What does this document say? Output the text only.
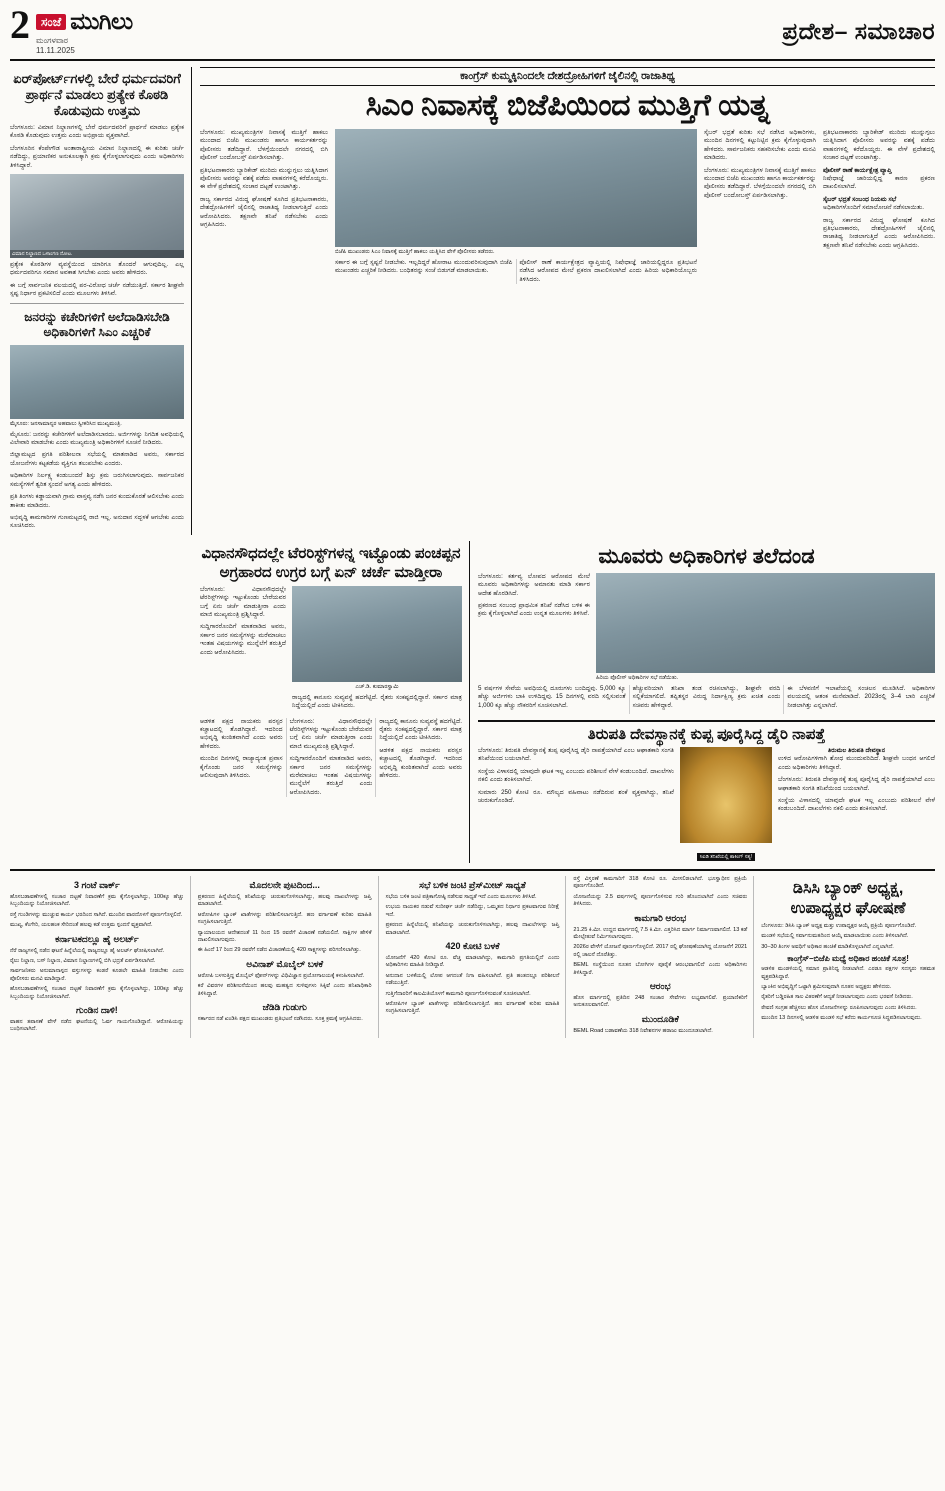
2 ಸಂಜೆ ಮುಗಿಲು
ಮಂಗಳವಾರ
11.11.2025
ಪ್ರದೇಶ– ಸಮಾಚಾರ
ಏರ್‌ಪೋರ್ಟ್‌ಗಳಲ್ಲಿ ಬೇರೆ ಧರ್ಮದವರಿಗೆ ಪ್ರಾರ್ಥನೆ ಮಾಡಲು ಪ್ರತ್ಯೇಕ ಕೊಠಡಿ ಕೊಡುವುದು ಉತ್ತಮ

ಬೆಂಗಳೂರು: ವಿಮಾನ ನಿಲ್ದಾಣಗಳಲ್ಲಿ ಬೇರೆ ಧರ್ಮದವರಿಗೆ ಪ್ರಾರ್ಥನೆ ಮಾಡಲು ಪ್ರತ್ಯೇಕ ಕೊಠಡಿ ಕೊಡುವುದು ಉತ್ತಮ ಎಂದು ಅಭಿಪ್ರಾಯ ವ್ಯಕ್ತವಾಗಿದೆ.

ಬೆಂಗಳೂರಿನ ಕೆಂಪೇಗೌಡ ಅಂತಾರಾಷ್ಟ್ರೀಯ ವಿಮಾನ ನಿಲ್ದಾಣದಲ್ಲಿ ಈ ಕುರಿತು ಚರ್ಚೆ ನಡೆದಿದ್ದು, ಪ್ರಯಾಣಿಕರ ಅನುಕೂಲಕ್ಕಾಗಿ ಕ್ರಮ ಕೈಗೊಳ್ಳಲಾಗುವುದು ಎಂದು ಅಧಿಕಾರಿಗಳು ತಿಳಿಸಿದ್ದಾರೆ.

ವಿಮಾನ ನಿಲ್ದಾಣದ ಒಳಾಂಗಣ ನೋಟ.

ಪ್ರತ್ಯೇಕ ಕೊಠಡಿಗಳ ವ್ಯವಸ್ಥೆಯಿಂದ ಯಾರಿಗೂ ತೊಂದರೆ ಆಗುವುದಿಲ್ಲ. ಎಲ್ಲ ಧರ್ಮದವರಿಗೂ ಸಮಾನ ಅವಕಾಶ ಸಿಗಬೇಕು ಎಂದು ಅವರು ಹೇಳಿದರು.

ಈ ಬಗ್ಗೆ ಸಾರ್ವಜನಿಕ ವಲಯದಲ್ಲಿ ಪರ-ವಿರೋಧ ಚರ್ಚೆ ನಡೆಯುತ್ತಿದೆ. ಸರ್ಕಾರ ಶೀಘ್ರವೇ ಸ್ಪಷ್ಟ ನಿರ್ಧಾರ ಪ್ರಕಟಿಸಲಿದೆ ಎಂದು ಮೂಲಗಳು ತಿಳಿಸಿವೆ.

ಜನರನ್ನು ಕಚೇರಿಗಳಿಗೆ ಅಲೆದಾಡಿಸಬೇಡಿ ಅಧಿಕಾರಿಗಳಿಗೆ ಸಿಎಂ ಎಚ್ಚರಿಕೆ
ಮೈಸೂರು: ಜನಸಾಮಾನ್ಯರ ಅಹವಾಲು ಸ್ವೀಕರಿಸಿದ ಮುಖ್ಯಮಂತ್ರಿ.

ಮೈಸೂರು: ಜನರನ್ನು ಕಚೇರಿಗಳಿಗೆ ಅಲೆದಾಡಿಸಬಾರದು. ಅರ್ಜಿಗಳನ್ನು ನಿಗದಿತ ಅವಧಿಯಲ್ಲಿ ವಿಲೇವಾರಿ ಮಾಡಬೇಕು ಎಂದು ಮುಖ್ಯಮಂತ್ರಿ ಅಧಿಕಾರಿಗಳಿಗೆ ಸೂಚನೆ ನೀಡಿದರು.

ಜಿಲ್ಲಾಮಟ್ಟದ ಪ್ರಗತಿ ಪರಿಶೀಲನಾ ಸಭೆಯಲ್ಲಿ ಮಾತನಾಡಿದ ಅವರು, ಸರ್ಕಾರದ ಯೋಜನೆಗಳು ಕಟ್ಟಕಡೆಯ ವ್ಯಕ್ತಿಗೂ ತಲುಪಬೇಕು ಎಂದರು.

ಅಧಿಕಾರಿಗಳ ನಿರ್ಲಕ್ಷ್ಯ ಕಂಡುಬಂದರೆ ಶಿಸ್ತು ಕ್ರಮ ಜರುಗಿಸಲಾಗುವುದು. ಸಾರ್ವಜನಿಕರ ಸಮಸ್ಯೆಗಳಿಗೆ ತ್ವರಿತ ಸ್ಪಂದನೆ ಅಗತ್ಯ ಎಂದು ಹೇಳಿದರು.

ಪ್ರತಿ ತಿಂಗಳು ಕಡ್ಡಾಯವಾಗಿ ಗ್ರಾಮ ವಾಸ್ತವ್ಯ ನಡೆಸಿ ಜನರ ಕುಂದುಕೊರತೆ ಆಲಿಸಬೇಕು ಎಂದು ತಾಕೀತು ಮಾಡಿದರು.

ಅಭಿವೃದ್ಧಿ ಕಾಮಗಾರಿಗಳ ಗುಣಮಟ್ಟದಲ್ಲಿ ರಾಜಿ ಇಲ್ಲ. ಅನುದಾನ ಸದ್ಬಳಕೆ ಆಗಬೇಕು ಎಂದು ಸೂಚಿಸಿದರು.

ಕಾಂಗ್ರೆಸ್ ಕುಮ್ಮಕ್ಕಿನಿಂದಲೇ ದೇಶದ್ರೋಹಿಗಳಿಗೆ ಜೈಲಿನಲ್ಲಿ ರಾಜಾತಿಥ್ಯ
ಸಿಎಂ ನಿವಾಸಕ್ಕೆ ಬಿಜೆಪಿಯಿಂದ ಮುತ್ತಿಗೆ ಯತ್ನ

ಬೆಂಗಳೂರು: ಮುಖ್ಯಮಂತ್ರಿಗಳ ನಿವಾಸಕ್ಕೆ ಮುತ್ತಿಗೆ ಹಾಕಲು ಮುಂದಾದ ಬಿಜೆಪಿ ಮುಖಂಡರು ಹಾಗೂ ಕಾರ್ಯಕರ್ತರನ್ನು ಪೊಲೀಸರು ತಡೆದಿದ್ದಾರೆ. ಬೆಳಗ್ಗೆಯಿಂದಲೇ ನಗರದಲ್ಲಿ ಬಿಗಿ ಪೊಲೀಸ್ ಬಂದೋಬಸ್ತ್ ಏರ್ಪಡಿಸಲಾಗಿತ್ತು.

ಪ್ರತಿಭಟನಾಕಾರರು ಬ್ಯಾರಿಕೇಡ್ ಮುರಿದು ಮುನ್ನುಗ್ಗಲು ಯತ್ನಿಸಿದಾಗ ಪೊಲೀಸರು ಅವರನ್ನು ವಶಕ್ಕೆ ಪಡೆದು ವಾಹನಗಳಲ್ಲಿ ಕರೆದೊಯ್ದರು. ಈ ವೇಳೆ ಪ್ರದೇಶದಲ್ಲಿ ಸಂಚಾರ ದಟ್ಟಣೆ ಉಂಟಾಗಿತ್ತು.

ರಾಜ್ಯ ಸರ್ಕಾರದ ವಿರುದ್ಧ ಘೋಷಣೆ ಕೂಗಿದ ಪ್ರತಿಭಟನಾಕಾರರು, ದೇಶದ್ರೋಹಿಗಳಿಗೆ ಜೈಲಿನಲ್ಲಿ ರಾಜಾತಿಥ್ಯ ನೀಡಲಾಗುತ್ತಿದೆ ಎಂದು ಆರೋಪಿಸಿದರು. ತಕ್ಷಣವೇ ತನಿಖೆ ನಡೆಸಬೇಕು ಎಂದು ಆಗ್ರಹಿಸಿದರು.

ಬಿಜೆಪಿ ಮುಖಂಡರು ಸಿಎಂ ನಿವಾಸಕ್ಕೆ ಮುತ್ತಿಗೆ ಹಾಕಲು ಯತ್ನಿಸಿದ ವೇಳೆ ಪೊಲೀಸರು ತಡೆದರು.

ಸರ್ಕಾರ ಈ ಬಗ್ಗೆ ಸ್ಪಷ್ಟನೆ ನೀಡಬೇಕು. ಇಲ್ಲದಿದ್ದರೆ ಹೋರಾಟ ಮುಂದುವರಿಸುವುದಾಗಿ ಬಿಜೆಪಿ ಮುಖಂಡರು ಎಚ್ಚರಿಕೆ ನೀಡಿದರು. ಬಂಧಿತರನ್ನು ಸಂಜೆ ಬಿಡುಗಡೆ ಮಾಡಲಾಯಿತು.

ಪೊಲೀಸ್ ಠಾಣೆ ಕಾರ್ಯಕ್ಷೇತ್ರದ ವ್ಯಾಪ್ತಿಯಲ್ಲಿ ನಿಷೇಧಾಜ್ಞೆ ಜಾರಿಯಲ್ಲಿದ್ದರೂ ಪ್ರತಿಭಟನೆ ನಡೆಸಿದ ಆರೋಪದ ಮೇಲೆ ಪ್ರಕರಣ ದಾಖಲಿಸಲಾಗಿದೆ ಎಂದು ಹಿರಿಯ ಅಧಿಕಾರಿಯೊಬ್ಬರು ತಿಳಿಸಿದರು.

ಸೈಬರ್ ಭದ್ರತೆ ಕುರಿತು ಸಭೆ ನಡೆಸಿದ ಅಧಿಕಾರಿಗಳು, ಮುಂದಿನ ದಿನಗಳಲ್ಲಿ ಕಟ್ಟುನಿಟ್ಟಿನ ಕ್ರಮ ಕೈಗೊಳ್ಳುವುದಾಗಿ ಹೇಳಿದರು. ಸಾರ್ವಜನಿಕರು ಸಹಕರಿಸಬೇಕು ಎಂದು ಮನವಿ ಮಾಡಿದರು.

ಬೆಂಗಳೂರು: ಮುಖ್ಯಮಂತ್ರಿಗಳ ನಿವಾಸಕ್ಕೆ ಮುತ್ತಿಗೆ ಹಾಕಲು ಮುಂದಾದ ಬಿಜೆಪಿ ಮುಖಂಡರು ಹಾಗೂ ಕಾರ್ಯಕರ್ತರನ್ನು ಪೊಲೀಸರು ತಡೆದಿದ್ದಾರೆ. ಬೆಳಗ್ಗೆಯಿಂದಲೇ ನಗರದಲ್ಲಿ ಬಿಗಿ ಪೊಲೀಸ್ ಬಂದೋಬಸ್ತ್ ಏರ್ಪಡಿಸಲಾಗಿತ್ತು.

ಪ್ರತಿಭಟನಾಕಾರರು ಬ್ಯಾರಿಕೇಡ್ ಮುರಿದು ಮುನ್ನುಗ್ಗಲು ಯತ್ನಿಸಿದಾಗ ಪೊಲೀಸರು ಅವರನ್ನು ವಶಕ್ಕೆ ಪಡೆದು ವಾಹನಗಳಲ್ಲಿ ಕರೆದೊಯ್ದರು. ಈ ವೇಳೆ ಪ್ರದೇಶದಲ್ಲಿ ಸಂಚಾರ ದಟ್ಟಣೆ ಉಂಟಾಗಿತ್ತು.

ಪೊಲೀಸ್ ಠಾಣೆ ಕಾರ್ಯಕ್ಷೇತ್ರ ವ್ಯಾಪ್ತಿ

ನಿಷೇಧಾಜ್ಞೆ ಜಾರಿಯಲ್ಲಿದ್ದ ಕಾರಣ ಪ್ರಕರಣ ದಾಖಲಿಸಲಾಗಿದೆ.

ಸೈಬರ್ ಭದ್ರತೆ ಸಂಬಂಧ ನಿಯಮ ಸಭೆ

ಅಧಿಕಾರಿಗಳೊಂದಿಗೆ ಸಮಾಲೋಚನೆ ನಡೆಸಲಾಯಿತು.

ರಾಜ್ಯ ಸರ್ಕಾರದ ವಿರುದ್ಧ ಘೋಷಣೆ ಕೂಗಿದ ಪ್ರತಿಭಟನಾಕಾರರು, ದೇಶದ್ರೋಹಿಗಳಿಗೆ ಜೈಲಿನಲ್ಲಿ ರಾಜಾತಿಥ್ಯ ನೀಡಲಾಗುತ್ತಿದೆ ಎಂದು ಆರೋಪಿಸಿದರು. ತಕ್ಷಣವೇ ತನಿಖೆ ನಡೆಸಬೇಕು ಎಂದು ಆಗ್ರಹಿಸಿದರು.

ವಿಧಾನಸೌಧದಲ್ಲೇ ಟೆರರಿಸ್ಟ್‌ಗಳನ್ನ ಇಟ್ಟೊಂಡು ಪಂಚಪ್ಪನ ಅಗ್ರಹಾರದ ಉಗ್ರರ ಬಗ್ಗೆ ಏನ್ ಚರ್ಚೆ ಮಾಡ್ತೀರಾ

ಬೆಂಗಳೂರು: ವಿಧಾನಸೌಧದಲ್ಲೇ ಟೆರರಿಸ್ಟ್‌ಗಳನ್ನು ಇಟ್ಟುಕೊಂಡು ಬೇರೆಯವರ ಬಗ್ಗೆ ಏನು ಚರ್ಚೆ ಮಾಡುತ್ತೀರಾ ಎಂದು ಮಾಜಿ ಮುಖ್ಯಮಂತ್ರಿ ಪ್ರಶ್ನಿಸಿದ್ದಾರೆ.

ಸುದ್ದಿಗಾರರೊಂದಿಗೆ ಮಾತನಾಡಿದ ಅವರು, ಸರ್ಕಾರ ಜನರ ಸಮಸ್ಯೆಗಳನ್ನು ಮರೆಮಾಚಲು ಇಂತಹ ವಿಷಯಗಳನ್ನು ಮುನ್ನೆಲೆಗೆ ತರುತ್ತಿದೆ ಎಂದು ಆರೋಪಿಸಿದರು.

ಎಚ್.ಡಿ. ಕುಮಾರಸ್ವಾಮಿ

ರಾಜ್ಯದಲ್ಲಿ ಕಾನೂನು ಸುವ್ಯವಸ್ಥೆ ಹದಗೆಟ್ಟಿದೆ. ರೈತರು ಸಂಕಷ್ಟದಲ್ಲಿದ್ದಾರೆ. ಸರ್ಕಾರ ಮಾತ್ರ ನಿದ್ದೆಯಲ್ಲಿದೆ ಎಂದು ಟೀಕಿಸಿದರು.

ಆಡಳಿತ ಪಕ್ಷದ ನಾಯಕರು ಪರಸ್ಪರ ಕಚ್ಚಾಟದಲ್ಲಿ ತೊಡಗಿದ್ದಾರೆ. ಇದರಿಂದ ಅಭಿವೃದ್ಧಿ ಕುಂಠಿತವಾಗಿದೆ ಎಂದು ಅವರು ಹೇಳಿದರು.

ಮುಂದಿನ ದಿನಗಳಲ್ಲಿ ರಾಜ್ಯಾದ್ಯಂತ ಪ್ರವಾಸ ಕೈಗೊಂಡು ಜನರ ಸಮಸ್ಯೆಗಳನ್ನು ಆಲಿಸುವುದಾಗಿ ತಿಳಿಸಿದರು.

ಬೆಂಗಳೂರು: ವಿಧಾನಸೌಧದಲ್ಲೇ ಟೆರರಿಸ್ಟ್‌ಗಳನ್ನು ಇಟ್ಟುಕೊಂಡು ಬೇರೆಯವರ ಬಗ್ಗೆ ಏನು ಚರ್ಚೆ ಮಾಡುತ್ತೀರಾ ಎಂದು ಮಾಜಿ ಮುಖ್ಯಮಂತ್ರಿ ಪ್ರಶ್ನಿಸಿದ್ದಾರೆ.

ಸುದ್ದಿಗಾರರೊಂದಿಗೆ ಮಾತನಾಡಿದ ಅವರು, ಸರ್ಕಾರ ಜನರ ಸಮಸ್ಯೆಗಳನ್ನು ಮರೆಮಾಚಲು ಇಂತಹ ವಿಷಯಗಳನ್ನು ಮುನ್ನೆಲೆಗೆ ತರುತ್ತಿದೆ ಎಂದು ಆರೋಪಿಸಿದರು.

ರಾಜ್ಯದಲ್ಲಿ ಕಾನೂನು ಸುವ್ಯವಸ್ಥೆ ಹದಗೆಟ್ಟಿದೆ. ರೈತರು ಸಂಕಷ್ಟದಲ್ಲಿದ್ದಾರೆ. ಸರ್ಕಾರ ಮಾತ್ರ ನಿದ್ದೆಯಲ್ಲಿದೆ ಎಂದು ಟೀಕಿಸಿದರು.

ಆಡಳಿತ ಪಕ್ಷದ ನಾಯಕರು ಪರಸ್ಪರ ಕಚ್ಚಾಟದಲ್ಲಿ ತೊಡಗಿದ್ದಾರೆ. ಇದರಿಂದ ಅಭಿವೃದ್ಧಿ ಕುಂಠಿತವಾಗಿದೆ ಎಂದು ಅವರು ಹೇಳಿದರು.

ಮೂವರು ಅಧಿಕಾರಿಗಳ ತಲೆದಂಡ

ಬೆಂಗಳೂರು: ಕರ್ತವ್ಯ ಲೋಪದ ಆರೋಪದ ಮೇಲೆ ಮೂವರು ಅಧಿಕಾರಿಗಳನ್ನು ಅಮಾನತು ಮಾಡಿ ಸರ್ಕಾರ ಆದೇಶ ಹೊರಡಿಸಿದೆ.

ಪ್ರಕರಣದ ಸಂಬಂಧ ಪ್ರಾಥಮಿಕ ತನಿಖೆ ನಡೆಸಿದ ಬಳಿಕ ಈ ಕ್ರಮ ಕೈಗೊಳ್ಳಲಾಗಿದೆ ಎಂದು ಉನ್ನತ ಮೂಲಗಳು ತಿಳಿಸಿವೆ.

ಹಿರಿಯ ಪೊಲೀಸ್ ಅಧಿಕಾರಿಗಳ ಸಭೆ ನಡೆಯಿತು.

5 ವರ್ಷಗಳ ಸೇವೆಯ ಅವಧಿಯಲ್ಲಿ ದೂರುಗಳು ಬಂದಿದ್ದವು. 5,000 ಕ್ಕೂ ಹೆಚ್ಚು ಅರ್ಜಿಗಳು ಬಾಕಿ ಉಳಿದಿದ್ದವು. 15 ದಿನಗಳಲ್ಲಿ ವರದಿ ಸಲ್ಲಿಸುವಂತೆ 1,000 ಕ್ಕೂ ಹೆಚ್ಚು ನೌಕರರಿಗೆ ಸೂಚಿಸಲಾಗಿದೆ.

ಹೆಚ್ಚುವರಿಯಾಗಿ ತನಿಖಾ ತಂಡ ರಚಿಸಲಾಗಿದ್ದು, ಶೀಘ್ರವೇ ವರದಿ ಸಲ್ಲಿಕೆಯಾಗಲಿದೆ. ತಪ್ಪಿತಸ್ಥರ ವಿರುದ್ಧ ನಿರ್ದಾಕ್ಷಿಣ್ಯ ಕ್ರಮ ಖಚಿತ ಎಂದು ಸಚಿವರು ಹೇಳಿದ್ದಾರೆ.

ಈ ಬೆಳವಣಿಗೆ ಇಲಾಖೆಯಲ್ಲಿ ಸಂಚಲನ ಮೂಡಿಸಿದೆ. ಅಧಿಕಾರಿಗಳ ವಲಯದಲ್ಲಿ ಆತಂಕ ಮನೆಮಾಡಿದೆ. 2023ರಲ್ಲಿ 3–4 ಬಾರಿ ಎಚ್ಚರಿಕೆ ನೀಡಲಾಗಿತ್ತು ಎನ್ನಲಾಗಿದೆ.

ತಿರುಪತಿ ದೇವಸ್ಥಾನಕ್ಕೆ ಕುಪ್ಪ ಪೂರೈಸಿದ್ದ ಡೈರಿ ನಾಪತ್ತೆ

ಬೆಂಗಳೂರು: ತಿರುಪತಿ ದೇವಸ್ಥಾನಕ್ಕೆ ತುಪ್ಪ ಪೂರೈಸಿದ್ದ ಡೈರಿ ನಾಪತ್ತೆಯಾಗಿದೆ ಎಂಬ ಆಘಾತಕಾರಿ ಸಂಗತಿ ತನಿಖೆಯಿಂದ ಬಯಲಾಗಿದೆ.

ಸಂಸ್ಥೆಯ ವಿಳಾಸದಲ್ಲಿ ಯಾವುದೇ ಘಟಕ ಇಲ್ಲ ಎಂಬುದು ಪರಿಶೀಲನೆ ವೇಳೆ ಕಂಡುಬಂದಿದೆ. ದಾಖಲೆಗಳು ನಕಲಿ ಎಂದು ಶಂಕಿಸಲಾಗಿದೆ.

ಸುಮಾರು 250 ಕೋಟಿ ರೂ. ಮೌಲ್ಯದ ವಹಿವಾಟು ನಡೆದಿರುವ ಶಂಕೆ ವ್ಯಕ್ತವಾಗಿದ್ದು, ತನಿಖೆ ಚುರುಕುಗೊಂಡಿದೆ.

ಸಿಐಡಿ ತನಿಖೆಯಲ್ಲಿ ಶಾಕಿಂಗ್ ಸತ್ಯ!
ತಿರುಮಲ ತಿರುಪತಿ ದೇವಸ್ಥಾನ

ಉಳಿದ ಆರೋಪಿಗಳಿಗಾಗಿ ಶೋಧ ಮುಂದುವರಿದಿದೆ. ಶೀಘ್ರವೇ ಬಂಧನ ಆಗಲಿದೆ ಎಂದು ಅಧಿಕಾರಿಗಳು ತಿಳಿಸಿದ್ದಾರೆ.

ಬೆಂಗಳೂರು: ತಿರುಪತಿ ದೇವಸ್ಥಾನಕ್ಕೆ ತುಪ್ಪ ಪೂರೈಸಿದ್ದ ಡೈರಿ ನಾಪತ್ತೆಯಾಗಿದೆ ಎಂಬ ಆಘಾತಕಾರಿ ಸಂಗತಿ ತನಿಖೆಯಿಂದ ಬಯಲಾಗಿದೆ.

ಸಂಸ್ಥೆಯ ವಿಳಾಸದಲ್ಲಿ ಯಾವುದೇ ಘಟಕ ಇಲ್ಲ ಎಂಬುದು ಪರಿಶೀಲನೆ ವೇಳೆ ಕಂಡುಬಂದಿದೆ. ದಾಖಲೆಗಳು ನಕಲಿ ಎಂದು ಶಂಕಿಸಲಾಗಿದೆ.

3 ಗಂಟೆ ವಾರ್ಕ್

ಹೊಸಬಡಾವಣೆಗಳಲ್ಲಿ ಸಂಚಾರ ದಟ್ಟಣೆ ನಿವಾರಣೆಗೆ ಕ್ರಮ ಕೈಗೊಳ್ಳಲಾಗಿದ್ದು, 100ಕ್ಕೂ ಹೆಚ್ಚು ಸಿಬ್ಬಂದಿಯನ್ನು ನಿಯೋಜಿಸಲಾಗಿದೆ.

ರಸ್ತೆ ಗುಂಡಿಗಳನ್ನು ಮುಚ್ಚುವ ಕಾರ್ಯ ಭರದಿಂದ ಸಾಗಿದೆ. ಮುಂದಿನ ವಾರದೊಳಗೆ ಪೂರ್ಣಗೊಳ್ಳಲಿದೆ.

ಮುಖ್ಯ, ಕೆಂಗೇರಿ, ಯಲಹಂಕ ಸೇರಿದಂತೆ ಹಲವು ಕಡೆ ಉತ್ತಮ ಸ್ಪಂದನೆ ವ್ಯಕ್ತವಾಗಿದೆ.

ಕರ್ನಾಟಕದಲ್ಲೂ ಹೈ ಅಲರ್ಟ್

ನೆರೆ ರಾಜ್ಯಗಳಲ್ಲಿ ನಡೆದ ಘಟನೆ ಹಿನ್ನೆಲೆಯಲ್ಲಿ ರಾಜ್ಯದಲ್ಲೂ ಹೈ ಅಲರ್ಟ್ ಘೋಷಿಸಲಾಗಿದೆ.

ರೈಲು ನಿಲ್ದಾಣ, ಬಸ್ ನಿಲ್ದಾಣ, ವಿಮಾನ ನಿಲ್ದಾಣಗಳಲ್ಲಿ ಬಿಗಿ ಭದ್ರತೆ ಏರ್ಪಡಿಸಲಾಗಿದೆ.

ಸಾರ್ವಜನಿಕರು ಅನುಮಾನಾಸ್ಪದ ವಸ್ತುಗಳನ್ನು ಕಂಡರೆ ಕೂಡಲೇ ಮಾಹಿತಿ ನೀಡಬೇಕು ಎಂದು ಪೊಲೀಸರು ಮನವಿ ಮಾಡಿದ್ದಾರೆ.

ಹೊಸಬಡಾವಣೆಗಳಲ್ಲಿ ಸಂಚಾರ ದಟ್ಟಣೆ ನಿವಾರಣೆಗೆ ಕ್ರಮ ಕೈಗೊಳ್ಳಲಾಗಿದ್ದು, 100ಕ್ಕೂ ಹೆಚ್ಚು ಸಿಬ್ಬಂದಿಯನ್ನು ನಿಯೋಜಿಸಲಾಗಿದೆ.

ಗುಂಡಿನ ದಾಳಿ!

ವಾಹನ ತಪಾಸಣೆ ವೇಳೆ ನಡೆದ ಘಟನೆಯಲ್ಲಿ ಓರ್ವ ಗಾಯಗೊಂಡಿದ್ದಾನೆ. ಆರೋಪಿಯನ್ನು ಬಂಧಿಸಲಾಗಿದೆ.

ಮೊದಲನೇ ಪುಟದಿಂದ...

ಪ್ರಕರಣದ ಹಿನ್ನೆಲೆಯಲ್ಲಿ ತನಿಖೆಯನ್ನು ಚುರುಕುಗೊಳಿಸಲಾಗಿದ್ದು, ಹಲವು ದಾಖಲೆಗಳನ್ನು ಜಪ್ತಿ ಮಾಡಲಾಗಿದೆ.

ಆರೋಪಿಗಳ ಬ್ಯಾಂಕ್ ಖಾತೆಗಳನ್ನು ಪರಿಶೀಲಿಸಲಾಗುತ್ತಿದೆ. ಹಣ ವರ್ಗಾವಣೆ ಕುರಿತು ಮಾಹಿತಿ ಸಂಗ್ರಹಿಸಲಾಗುತ್ತಿದೆ.

ನ್ಯಾಯಾಲಯದ ಆದೇಶದಂತೆ 11 ರಿಂದ 15 ರವರೆಗೆ ವಿಚಾರಣೆ ನಡೆಯಲಿದೆ. ಸಾಕ್ಷಿಗಳ ಹೇಳಿಕೆ ದಾಖಲಿಸಲಾಗುವುದು.

ಈ ಹಿಂದೆ 17 ರಿಂದ 29 ರವರೆಗೆ ನಡೆದ ವಿಚಾರಣೆಯಲ್ಲಿ 420 ಸಾಕ್ಷ್ಯಗಳನ್ನು ಪರಿಗಣಿಸಲಾಗಿತ್ತು.

ಅವಿನಾಶ್ ಮೊಬೈಲ್ ಬಳಕೆ

ಆರೋಪಿ ಬಳಸುತ್ತಿದ್ದ ಮೊಬೈಲ್ ಫೋನ್‌ಗಳನ್ನು ವಿಧಿವಿಜ್ಞಾನ ಪ್ರಯೋಗಾಲಯಕ್ಕೆ ಕಳುಹಿಸಲಾಗಿದೆ.

ಕರೆ ವಿವರಗಳ ಪರಿಶೀಲನೆಯಿಂದ ಹಲವು ಮಹತ್ವದ ಸುಳಿವುಗಳು ಸಿಕ್ಕಿವೆ ಎಂದು ತನಿಖಾಧಿಕಾರಿ ತಿಳಿಸಿದ್ದಾರೆ.

ಜೆಡಿಡಿ ಗುಡುಗು

ಸರ್ಕಾರದ ನಡೆ ಖಂಡಿಸಿ ಪಕ್ಷದ ಮುಖಂಡರು ಪ್ರತಿಭಟನೆ ನಡೆಸಿದರು. ಸೂಕ್ತ ಕ್ರಮಕ್ಕೆ ಆಗ್ರಹಿಸಿದರು.

ಸಭೆ ಬಳಿಕ ಜಂಟಿ ಪ್ರೆಸ್‌ಮೀಟ್ ಸಾಧ್ಯತೆ

ಸಭೆಯ ಬಳಿಕ ಜಂಟಿ ಪತ್ರಿಕಾಗೋಷ್ಠಿ ನಡೆಸುವ ಸಾಧ್ಯತೆ ಇದೆ ಎಂದು ಮೂಲಗಳು ತಿಳಿಸಿವೆ.

ಉಭಯ ನಾಯಕರ ನಡುವೆ ಸುದೀರ್ಘ ಚರ್ಚೆ ನಡೆದಿದ್ದು, ಒಮ್ಮತದ ನಿರ್ಧಾರ ಪ್ರಕಟವಾಗುವ ನಿರೀಕ್ಷೆ ಇದೆ.

ಪ್ರಕರಣದ ಹಿನ್ನೆಲೆಯಲ್ಲಿ ತನಿಖೆಯನ್ನು ಚುರುಕುಗೊಳಿಸಲಾಗಿದ್ದು, ಹಲವು ದಾಖಲೆಗಳನ್ನು ಜಪ್ತಿ ಮಾಡಲಾಗಿದೆ.

420 ಕೋಟಿ ಬಳಕೆ

ಯೋಜನೆಗೆ 420 ಕೋಟಿ ರೂ. ವೆಚ್ಚ ಮಾಡಲಾಗಿದ್ದು, ಕಾಮಗಾರಿ ಪ್ರಗತಿಯಲ್ಲಿದೆ ಎಂದು ಅಧಿಕಾರಿಗಳು ಮಾಹಿತಿ ನೀಡಿದ್ದಾರೆ.

ಅನುದಾನ ಬಳಕೆಯಲ್ಲಿ ಲೋಪ ಆಗದಂತೆ ನಿಗಾ ವಹಿಸಲಾಗಿದೆ. ಪ್ರತಿ ಹಂತದಲ್ಲೂ ಪರಿಶೀಲನೆ ನಡೆಯುತ್ತಿದೆ.

ಗುತ್ತಿಗೆದಾರರಿಗೆ ಕಾಲಮಿತಿಯೊಳಗೆ ಕಾಮಗಾರಿ ಪೂರ್ಣಗೊಳಿಸುವಂತೆ ಸೂಚಿಸಲಾಗಿದೆ.

ಆರೋಪಿಗಳ ಬ್ಯಾಂಕ್ ಖಾತೆಗಳನ್ನು ಪರಿಶೀಲಿಸಲಾಗುತ್ತಿದೆ. ಹಣ ವರ್ಗಾವಣೆ ಕುರಿತು ಮಾಹಿತಿ ಸಂಗ್ರಹಿಸಲಾಗುತ್ತಿದೆ.

ರಸ್ತೆ ವಿಸ್ತರಣೆ ಕಾಮಗಾರಿಗೆ 318 ಕೋಟಿ ರೂ. ಮೀಸಲಿಡಲಾಗಿದೆ. ಭೂಸ್ವಾಧೀನ ಪ್ರಕ್ರಿಯೆ ಪೂರ್ಣಗೊಂಡಿದೆ.

ಯೋಜನೆಯನ್ನು 2.5 ವರ್ಷಗಳಲ್ಲಿ ಪೂರ್ಣಗೊಳಿಸುವ ಗುರಿ ಹೊಂದಲಾಗಿದೆ ಎಂದು ಸಚಿವರು ತಿಳಿಸಿದರು.

ಕಾಮಗಾರಿ ಆರಂಭ

21.25 ಕಿ.ಮೀ. ಉದ್ದದ ಮಾರ್ಗದಲ್ಲಿ 7.5 ಕಿ.ಮೀ. ಎತ್ತರಿಸಿದ ಮಾರ್ಗ ನಿರ್ಮಾಣವಾಗಲಿದೆ. 13 ಕಡೆ ಮೇಲ್ಸೇತುವೆ ನಿರ್ಮಿಸಲಾಗುವುದು.

2026ರ ವೇಳೆಗೆ ಯೋಜನೆ ಪೂರ್ಣಗೊಳ್ಳಲಿದೆ. 2017 ರಲ್ಲಿ ಘೋಷಣೆಯಾಗಿದ್ದ ಯೋಜನೆಗೆ 2021 ರಲ್ಲಿ ಚಾಲನೆ ದೊರೆತಿತ್ತು.

BEML ಸಂಸ್ಥೆಯಿಂದ ನೂತನ ಬೋಗಿಗಳ ಪೂರೈಕೆ ಆರಂಭವಾಗಲಿದೆ ಎಂದು ಅಧಿಕಾರಿಗಳು ತಿಳಿಸಿದ್ದಾರೆ.

ಆರಂಭ

ಹೊಸ ಮಾರ್ಗದಲ್ಲಿ ಪ್ರತಿದಿನ 248 ಸಂಚಾರ ಸೇವೆಗಳು ಲಭ್ಯವಾಗಲಿವೆ. ಪ್ರಯಾಣಿಕರಿಗೆ ಅನುಕೂಲವಾಗಲಿದೆ.

ಮುಂದೂಡಿಕೆ

BEML Road ಬಡಾವಣೆಯ 318 ನಿವೇಶನಗಳ ಹರಾಜು ಮುಂದೂಡಲಾಗಿದೆ.

ಡಿಸಿಸಿ ಬ್ಯಾಂಕ್ ಅಧ್ಯಕ್ಷ, ಉಪಾಧ್ಯಕ್ಷರ ಘೋಷಣೆ

ಬೆಂಗಳೂರು: ಡಿಸಿಸಿ ಬ್ಯಾಂಕ್ ಅಧ್ಯಕ್ಷ ಮತ್ತು ಉಪಾಧ್ಯಕ್ಷರ ಆಯ್ಕೆ ಪ್ರಕ್ರಿಯೆ ಪೂರ್ಣಗೊಂಡಿದೆ.

ಮಂಡಳಿ ಸಭೆಯಲ್ಲಿ ಸರ್ವಾನುಮತದಿಂದ ಆಯ್ಕೆ ಮಾಡಲಾಯಿತು ಎಂದು ತಿಳಿಸಲಾಗಿದೆ.

30–30 ತಿಂಗಳ ಅವಧಿಗೆ ಅಧಿಕಾರ ಹಂಚಿಕೆ ಮಾಡಿಕೊಳ್ಳಲಾಗಿದೆ ಎನ್ನಲಾಗಿದೆ.

ಕಾಂಗ್ರೆಸ್–ಬಿಜೆಪಿ ಮಧ್ಯೆ ಅಧಿಕಾರ ಹಂಚಿಕೆ ಸೂತ್ರ!

ಆಡಳಿತ ಮಂಡಳಿಯಲ್ಲಿ ಸಮಾನ ಪ್ರಾತಿನಿಧ್ಯ ನೀಡಲಾಗಿದೆ. ಎರಡೂ ಪಕ್ಷಗಳ ಸದಸ್ಯರು ಸಹಮತ ವ್ಯಕ್ತಪಡಿಸಿದ್ದಾರೆ.

ಬ್ಯಾಂಕಿನ ಅಭಿವೃದ್ಧಿಗೆ ಒಟ್ಟಾಗಿ ಶ್ರಮಿಸುವುದಾಗಿ ನೂತನ ಅಧ್ಯಕ್ಷರು ಹೇಳಿದರು.

ರೈತರಿಗೆ ಬಡ್ಡಿರಹಿತ ಸಾಲ ವಿತರಣೆಗೆ ಆದ್ಯತೆ ನೀಡಲಾಗುವುದು ಎಂದು ಭರವಸೆ ನೀಡಿದರು.

ಠೇವಣಿ ಸಂಗ್ರಹ ಹೆಚ್ಚಿಸಲು ಹೊಸ ಯೋಜನೆಗಳನ್ನು ರೂಪಿಸಲಾಗುವುದು ಎಂದು ತಿಳಿಸಿದರು.

ಮುಂದಿನ 13 ದಿನಗಳಲ್ಲಿ ಆಡಳಿತ ಮಂಡಳಿ ಸಭೆ ಕರೆದು ಕಾರ್ಯಸೂಚಿ ಸಿದ್ಧಪಡಿಸಲಾಗುವುದು.
